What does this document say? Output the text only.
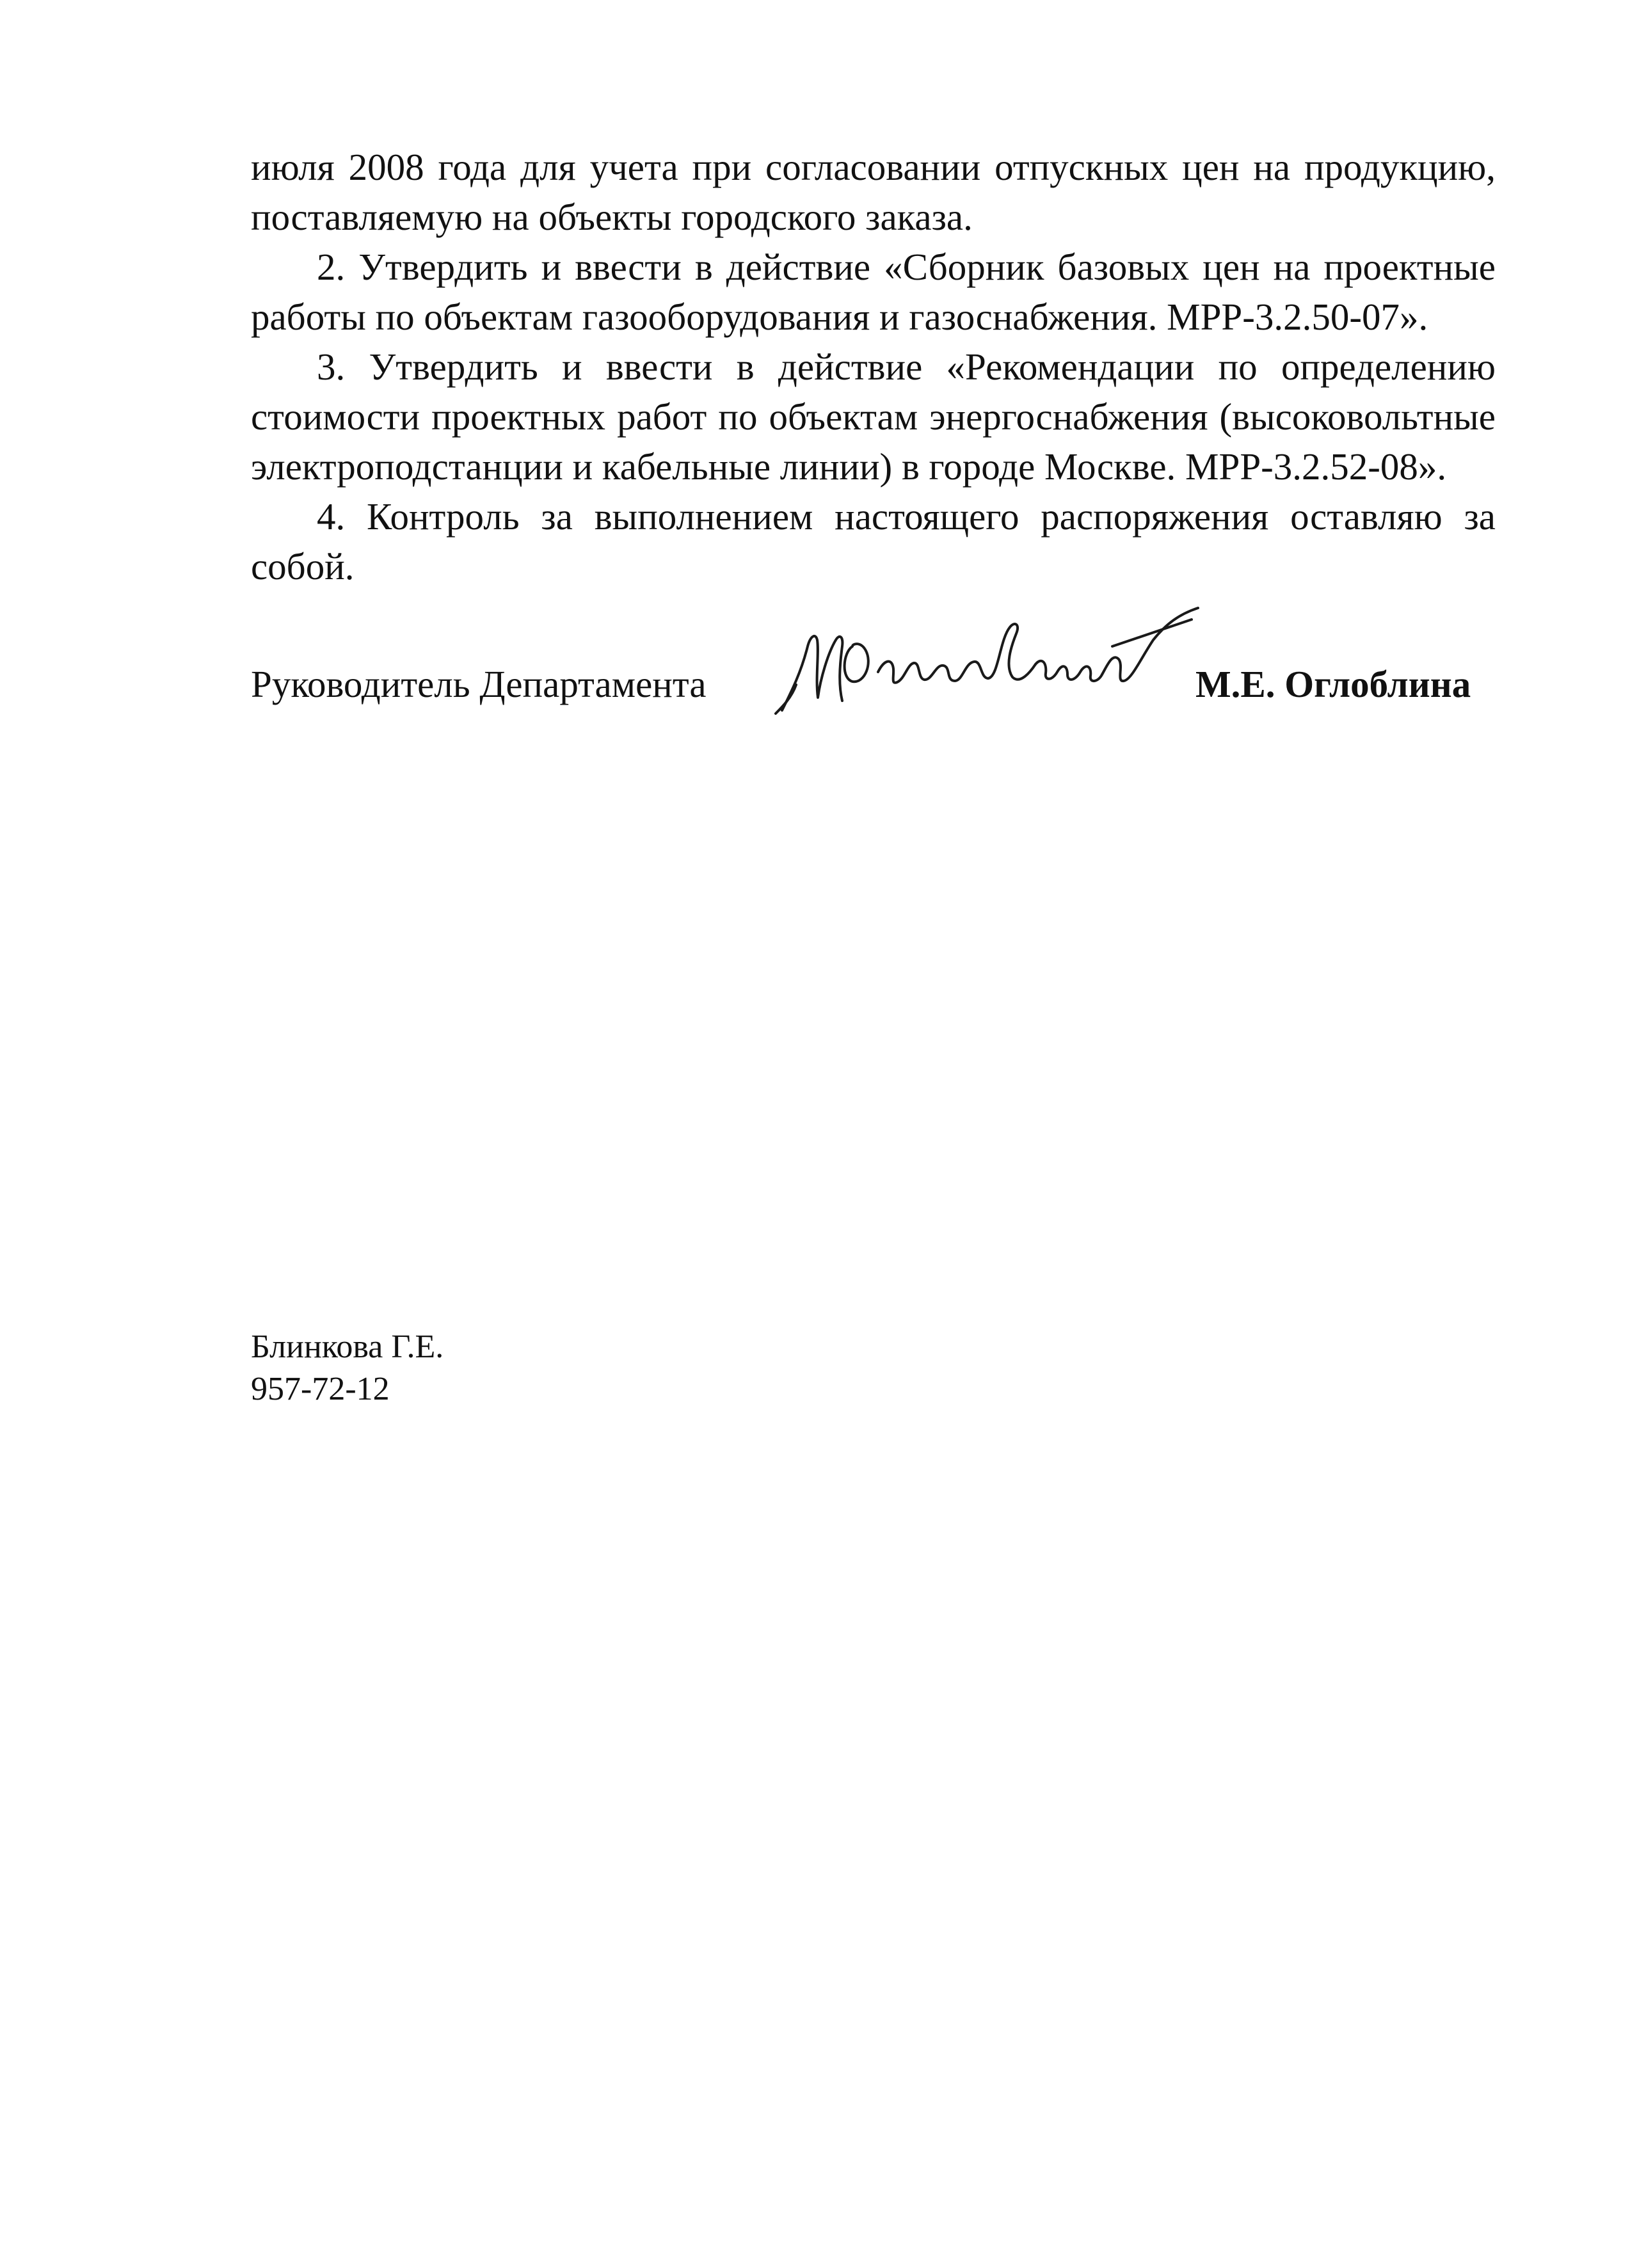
июля 2008 года для учета при согласовании отпускных цен на продукцию, поставляемую на объекты городского заказа.

2. Утвердить и ввести в действие «Сборник базовых цен на проектные работы по объектам газооборудования и газоснабжения. МРР-3.2.50-07».

3. Утвердить и ввести в действие «Рекомендации по определению стоимости проектных работ по объектам энергоснабжения (высоковольтные электроподстанции и кабельные линии) в городе Москве. МРР-3.2.52-08».

4. Контроль за выполнением настоящего распоряжения оставляю за собой.

Руководитель Департамента	М.Е. Оглоблина
Блинкова Г.Е.
957-72-12
